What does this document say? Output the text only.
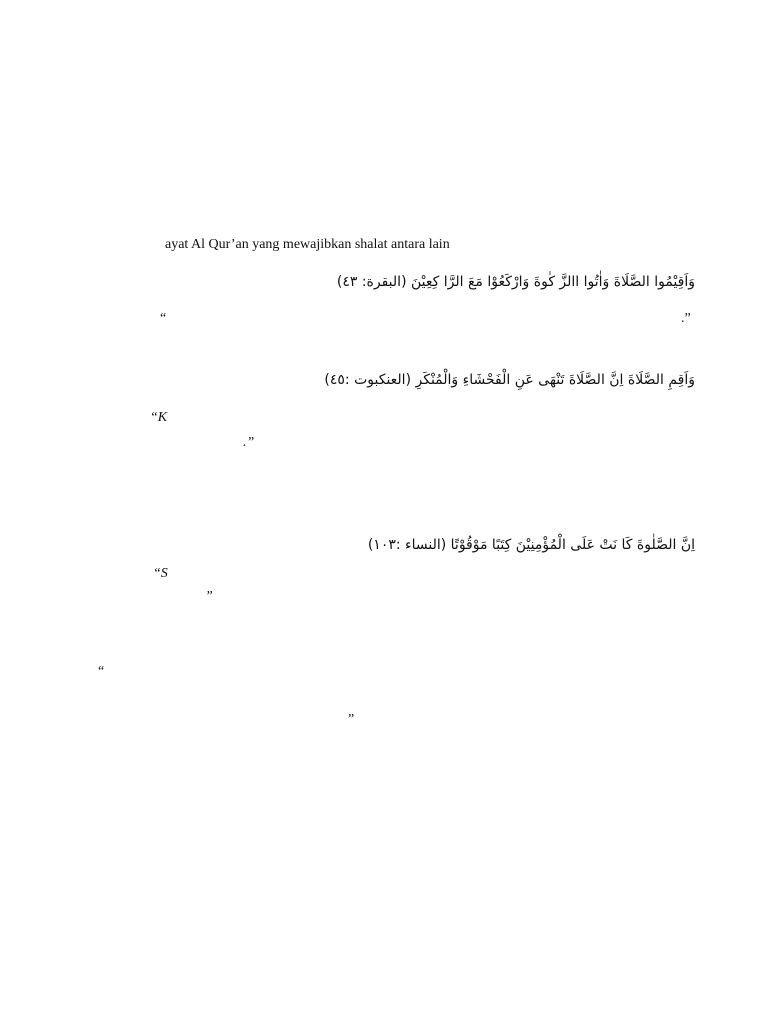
ayat Al Qur’an yang mewajibkan shalat antara lain
وَاَقِيْمُوا الصَّلَاةَ وَاٰتُوا االزَّ كٰوةَ وَارْكَعُوْا مَعَ الرَّا كِعِيْنَ (البقرة: ٤٣)
“	.”
وَاَقِمِ الصَّلَاةَ اِنَّ الصَّلَاةَ تَنْهَى عَنِ الْفَحْشَاءِ وَالْمُنْكَرِ (العنكبوت :٤٥)
“K
.”
اِنَّ الصَّلٰوةَ كَا نَتْ عَلَى الْمُؤْمِنِيْنَ كِتَبًا مَوْقُوْتًا (النساء :١٠٣)
“S
”
“
”
